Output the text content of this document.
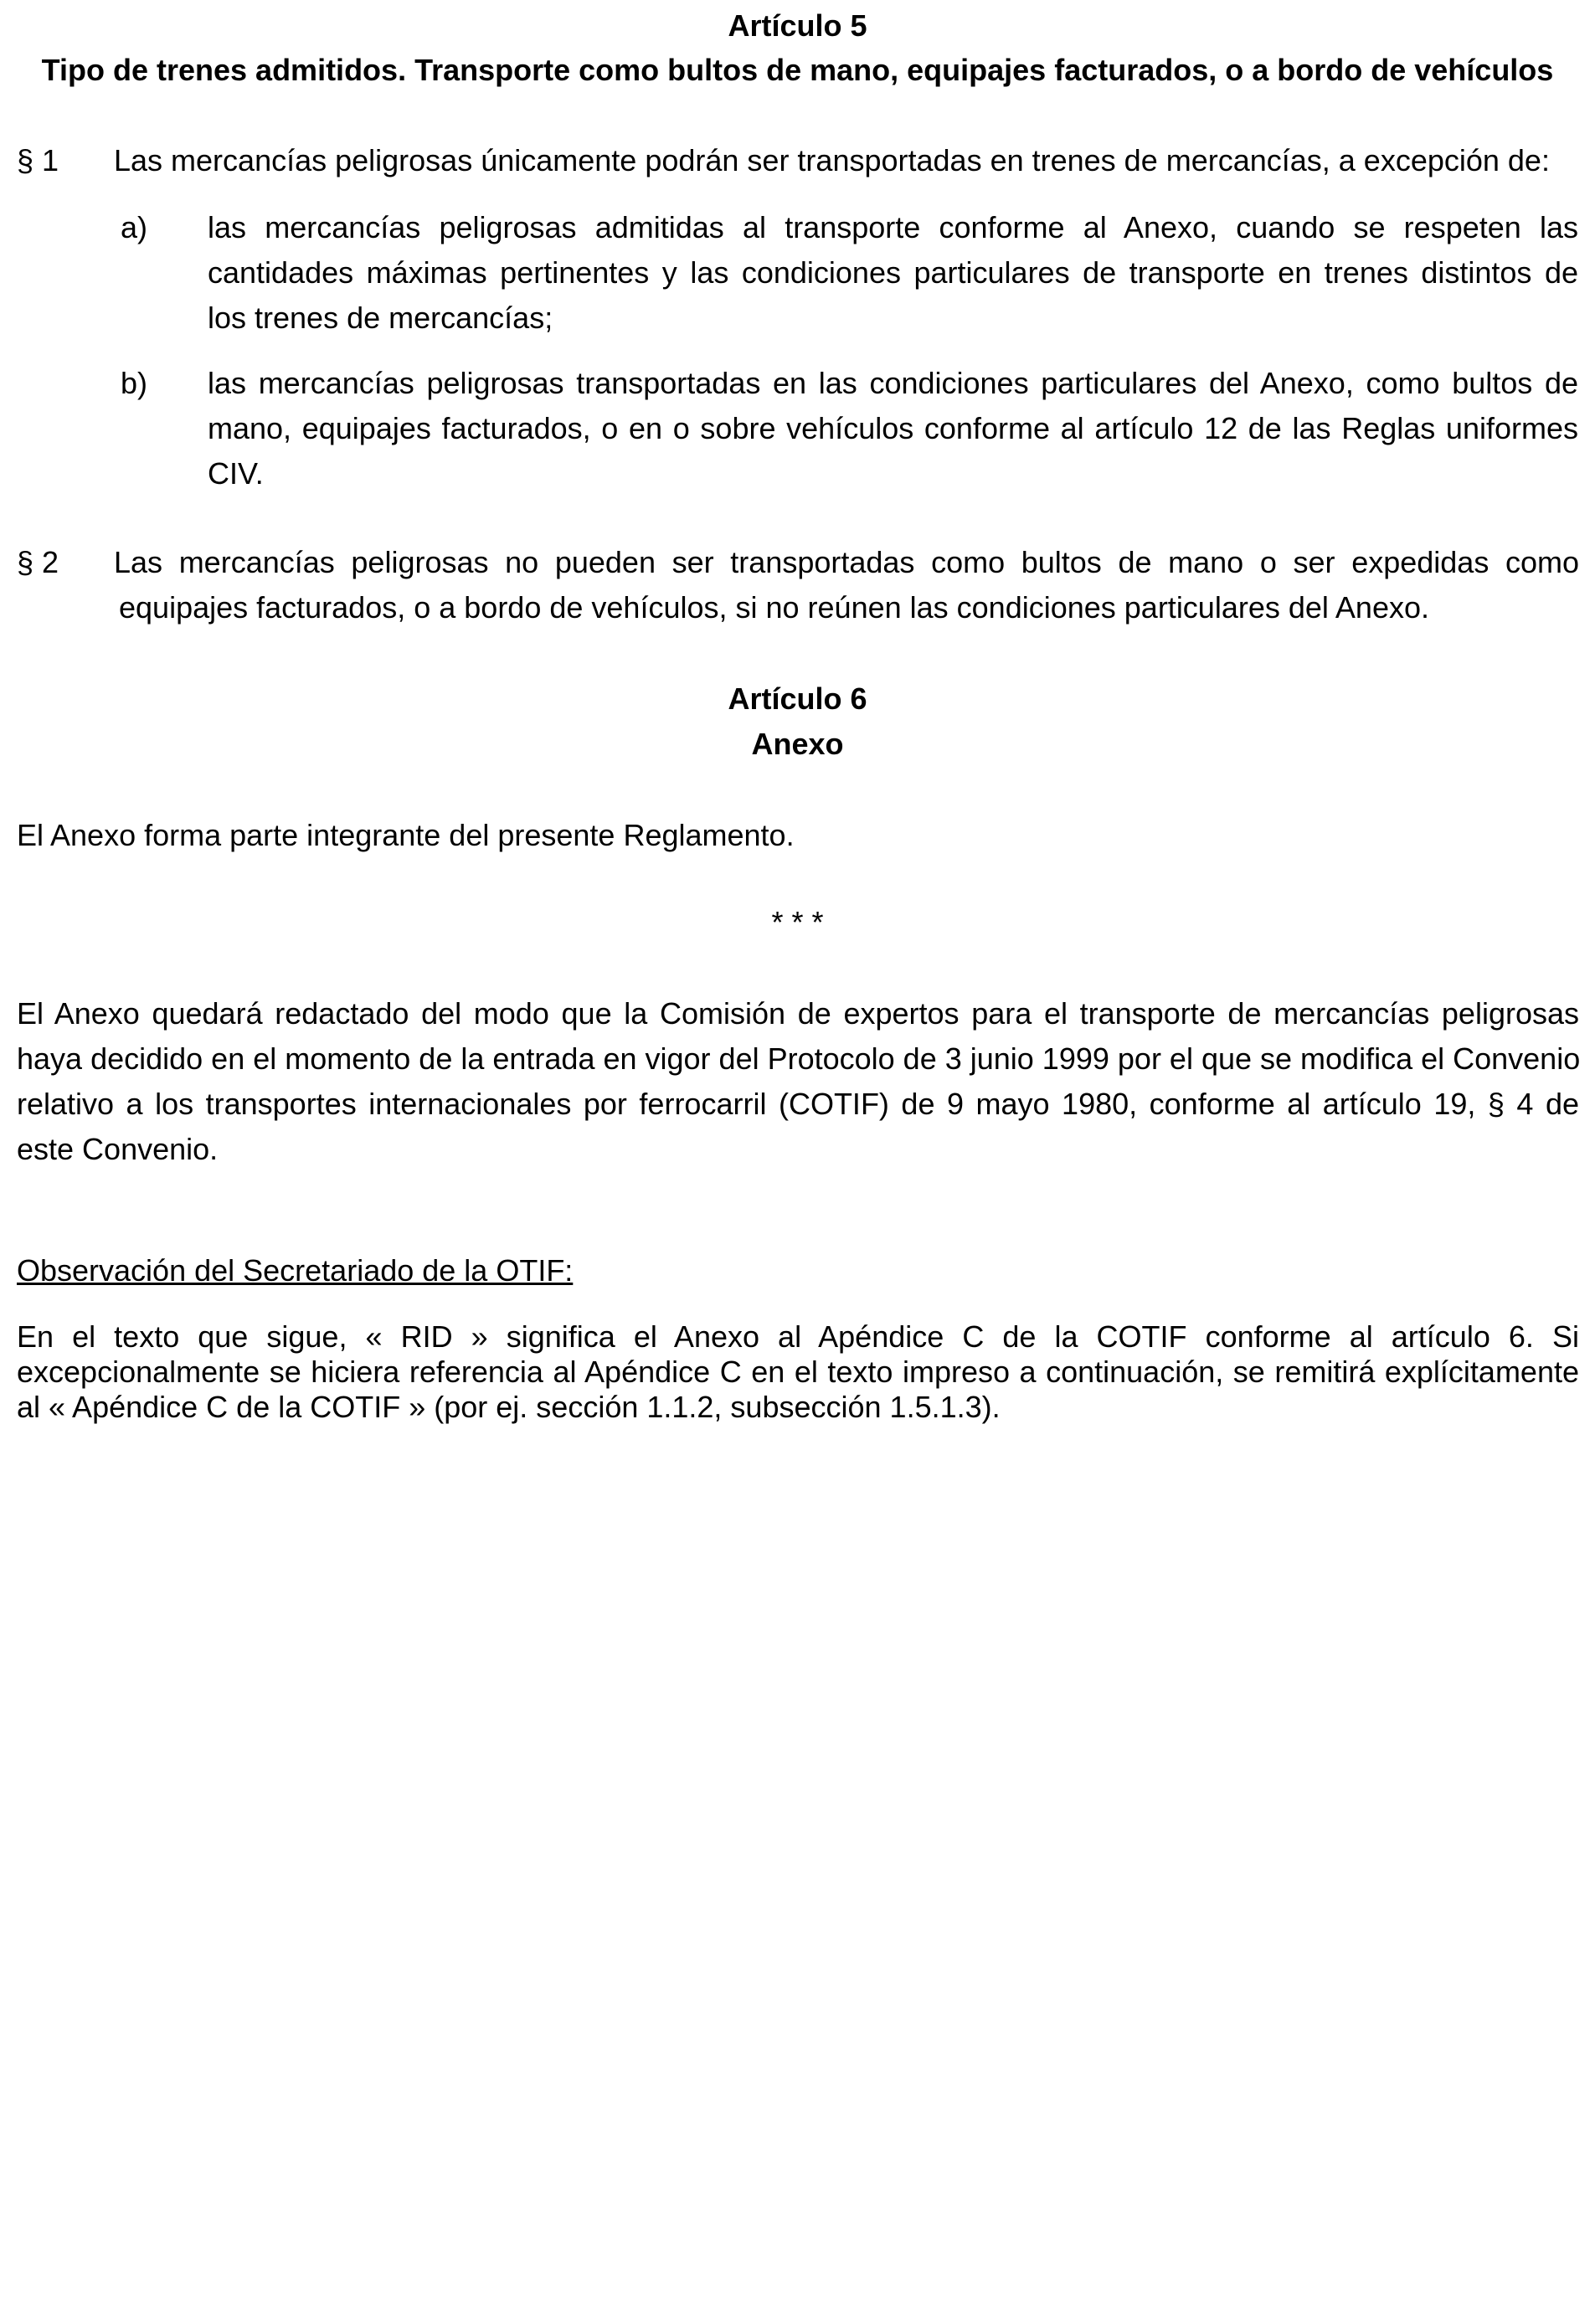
Artículo 5
Tipo de trenes admitidos. Transporte como bultos de mano, equipajes facturados, o a bordo de vehículos
§ 1 Las mercancías peligrosas únicamente podrán ser transportadas en trenes de mercancías, a excepción de:
a) las mercancías peligrosas admitidas al transporte conforme al Anexo, cuando se respeten las
cantidades máximas pertinentes y las condiciones particulares de transporte en trenes distintos de
los trenes de mercancías;
b) las mercancías peligrosas transportadas en las condiciones particulares del Anexo, como bultos de
mano, equipajes facturados, o en o sobre vehículos conforme al artículo 12 de las Reglas uniformes
CIV.
§ 2 Las mercancías peligrosas no pueden ser transportadas como bultos de mano o ser expedidas como
equipajes facturados, o a bordo de vehículos, si no reúnen las condiciones particulares del Anexo.
Artículo 6
Anexo
El Anexo forma parte integrante del presente Reglamento.
* * *
El Anexo quedará redactado del modo que la Comisión de expertos para el transporte de mercancías peligrosas
haya decidido en el momento de la entrada en vigor del Protocolo de 3 junio 1999 por el que se modifica el Convenio
relativo a los transportes internacionales por ferrocarril (COTIF) de 9 mayo 1980, conforme al artículo 19, § 4 de
este Convenio.
Observación del Secretariado de la OTIF:
En el texto que sigue, « RID » significa el Anexo al Apéndice C de la COTIF conforme al artículo 6. Si
excepcionalmente se hiciera referencia al Apéndice C en el texto impreso a continuación, se remitirá explícitamente
al « Apéndice C de la COTIF » (por ej. sección 1.1.2, subsección 1.5.1.3).
